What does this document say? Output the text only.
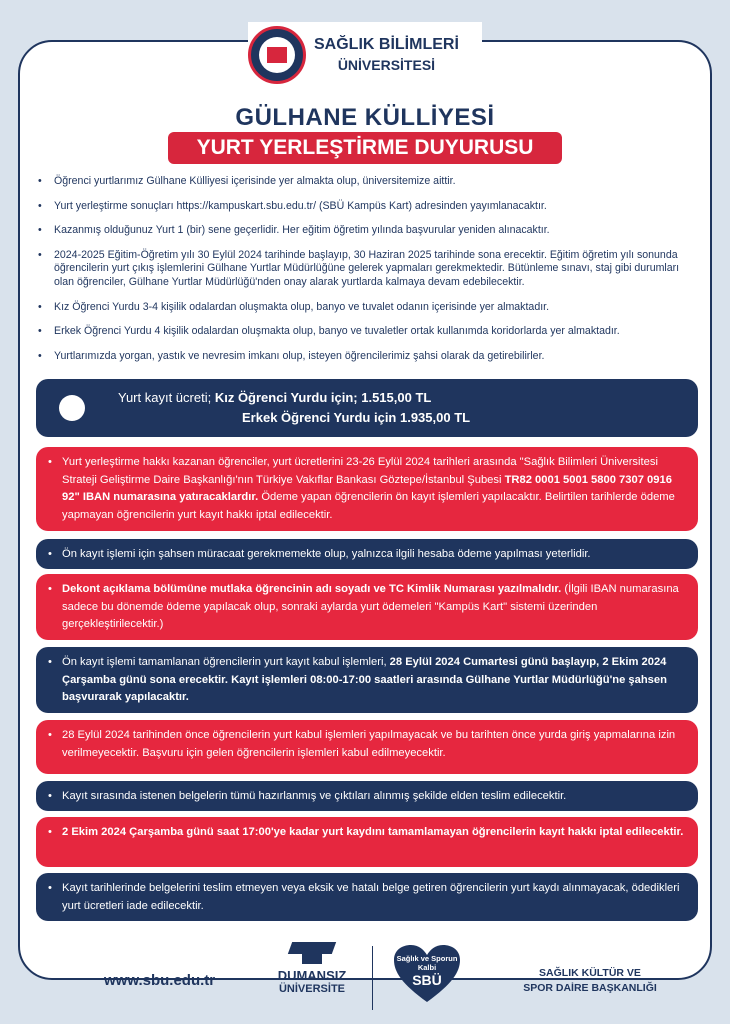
SAĞLIK BİLİMLERİ
ÜNİVERSİTESİ
GÜLHANE KÜLLİYESİ
YURT YERLEŞTİRME DUYURUSU
• Öğrenci yurtlarımız Gülhane Külliyesi içerisinde yer almakta olup, üniversitemize aittir.
• Yurt yerleştirme sonuçları https://kampuskart.sbu.edu.tr/ (SBÜ Kampüs Kart) adresinden yayımlanacaktır.
• Kazanmış olduğunuz Yurt 1 (bir) sene geçerlidir. Her eğitim öğretim yılında başvurular yeniden alınacaktır.
• 2024-2025 Eğitim-Öğretim yılı 30 Eylül 2024 tarihinde başlayıp, 30 Haziran 2025 tarihinde sona erecektir. Eğitim öğretim yılı sonunda öğrencilerin yurt çıkış işlemlerini Gülhane Yurtlar Müdürlüğüne gelerek yapmaları gerekmektedir. Bütünleme sınavı, staj gibi durumları olan öğrenciler, Gülhane Yurtlar Müdürlüğü'nden onay alarak yurtlarda kalmaya devam edebilecektir.
• Kız Öğrenci Yurdu 3-4 kişilik odalardan oluşmakta olup, banyo ve tuvalet odanın içerisinde yer almaktadır.
• Erkek Öğrenci Yurdu 4 kişilik odalardan oluşmakta olup, banyo ve tuvaletler ortak kullanımda koridorlarda yer almaktadır.
• Yurtlarımızda yorgan, yastık ve nevresim imkanı olup, isteyen öğrencilerimiz şahsi olarak da getirebilirler.
Yurt kayıt ücreti; Kız Öğrenci Yurdu için; 1.515,00 TL
Erkek Öğrenci Yurdu için 1.935,00 TL
• Yurt yerleştirme hakkı kazanan öğrenciler, yurt ücretlerini 23-26 Eylül 2024 tarihleri arasında "Sağlık Bilimleri Üniversitesi Strateji Geliştirme Daire Başkanlığı'nın Türkiye Vakıflar Bankası Göztepe/İstanbul Şubesi TR82 0001 5001 5800 7307 0916 92" IBAN numarasına yatıracaklardır. Ödeme yapan öğrencilerin ön kayıt işlemleri yapılacaktır. Belirtilen tarihlerde ödeme yapmayan öğrencilerin yurt kayıt hakkı iptal edilecektir.
• Ön kayıt işlemi için şahsen müracaat gerekmemekte olup, yalnızca ilgili hesaba ödeme yapılması yeterlidir.
• Dekont açıklama bölümüne mutlaka öğrencinin adı soyadı ve TC Kimlik Numarası yazılmalıdır. (İlgili IBAN numarasına sadece bu dönemde ödeme yapılacak olup, sonraki aylarda yurt ödemeleri "Kampüs Kart" sistemi üzerinden gerçekleştirilecektir.)
• Ön kayıt işlemi tamamlanan öğrencilerin yurt kayıt kabul işlemleri, 28 Eylül 2024 Cumartesi günü başlayıp, 2 Ekim 2024 Çarşamba günü sona erecektir. Kayıt işlemleri 08:00-17:00 saatleri arasında Gülhane Yurtlar Müdürlüğü'ne şahsen başvurarak yapılacaktır.
• 28 Eylül 2024 tarihinden önce öğrencilerin yurt kabul işlemleri yapılmayacak ve bu tarihten önce yurda giriş yapmalarına izin verilmeyecektir. Başvuru için gelen öğrencilerin işlemleri kabul edilmeyecektir.
• Kayıt sırasında istenen belgelerin tümü hazırlanmış ve çıktıları alınmış şekilde elden teslim edilecektir.
• 2 Ekim 2024 Çarşamba günü saat 17:00'ye kadar yurt kaydını tamamlamayan öğrencilerin kayıt hakkı iptal edilecektir.
• Kayıt tarihlerinde belgelerini teslim etmeyen veya eksik ve hatalı belge getiren öğrencilerin yurt kaydı alınmayacak, ödedikleri yurt ücretleri iade edilecektir.
www.sbu.edu.tr	DUMANSIZ
ÜNİVERSİTE
Sağlık ve Sporun Kalbi
SBÜ	SAĞLIK KÜLTÜR VE
SPOR DAİRE BAŞKANLIĞI
